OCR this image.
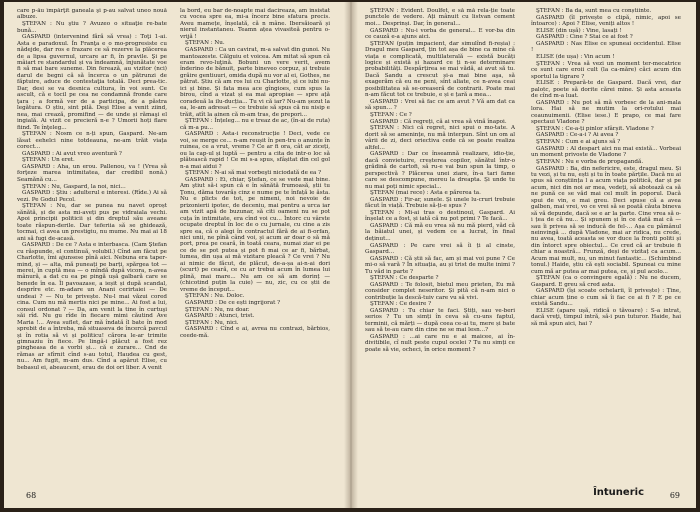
care p-ău împărţit ganeala şi p-au salvat uneo nouă albuze.

ŞTEFAN : Nu ştiu ? Avuzeo o situaţie re-bate bună...

GASPARD (intervenind fără să vrea) : Toţi 1-ai. Asta e paradoxul. În Franţa e o mo-progresiste cu nădejde, dar ros e frazare ce să rezerve la plăcerea de a lipsa guvernul, urcare ar fi, în pravile. Şi pe mâiart re standardul și va îndeamnă, înjunătate voe fi să mai bare suneme. Din ferează, au vizitor (nci) darul de begni că să încerca o un pătrunzi de făptuire, aduce de contestaţia totală. Deci prea-tic. Dar, desi se va desnica cultura, în voi sunt. Ce ascult, că e tocil pe cea ne condamnă fronde care ţara ; a formă ver de a participa, de a păstra legătura. O știu, sint pilă. Deşi Elise a venit ziind, nea, mai crează, promifind — de unde și rămaşi el ingială. Ai vizit ce precieră n-e ? Umorii hoți flare fiind. Te înţeleg...

ŞTEFAN : Nosm ce n-ți spun, Gaspard. Ne-am lăsat eehelci nine totdeauna, ne-am trăit viața corect...

GASPARD : Ai avut vreo aventură ?

ŞTEFAN : Un eret.

GASPARD : Aha, un erou. Pallenou, va ! (Vrea să forţeze marea intimitatea, dar credibil nonă.) Seamănă cu...

ŞTEFAN : Nu, Gaspard, la noi, nici...

GASPARD : Ştiu : adulterul e interesi. (Rîde.) Ai să vezi. Pe Godul Pecol.

ŞTEFAN : Nu, dar se punea nu navet oproșt sănătă, și de asta mi-aveți pus pe vidraiala vechi. Apoi principii politicii și din dreptul său aveane toate răspun-derile. Dar teferiia să se ghidează, tocmai, ci avea un prestigiu, nu mume. Nu mai ai 18 ani să fugi de-acasă.

GASPARD : De ce ? Asta e interbasca. (Cam Ştefan cu răspunde, el continuă, volubil.) Cînd am făcut pe Charlotte, îmi ajunsese pînă aici. Nebuna era taper-mind, și — alta, mă puneați pe barți, spărgea tot — merei, în cuptă mea — o mîndă după vicora, n-avea mânură, a dat cu ea pe pingă ușă galbară care se benede în ea. Îl pavoazase, a ieșit și după scandal, desprîre etc. m-adare un Anani cerirtaiei — De undeai ? — Nu te privește. Nu-l mai văzui cored cina. Cum nu mă mertis nici pe mine... Ai fost a lui, consul ordonat ? — Da, am venit la tine în curtuşi săi rîd. Nu gu rîde în fiecare mimi căutind Ave Maria !... Avea suflet, dar mă îndată îl bate în mod sprebit de a întreba, mă situaseva de încercă pavcul și în rotia să vi și politicu! cărora le-ar trimite gimnaziu în fiece. Pe lingă-i plăcut a fost rez pingheasa de a vorbi și... că e zurare... Cnd de rămas ar sfîrnit cînd s-au totul, Haudea cu gest, nu... Am fugit, m-am dus. Cînd a apărut Elise, cu bebasul ei, abeaucent, erau de doi ori liber. A venit

la bord, eu bar de-noapte mai dacireaza, am insistat cu vocea spre ea, mi-a încerz bine sfatura precis. Aveu mamețe, înșelată, că n mâne. Ibersăioară și nierul instantaneu. Teamn ațea vivasiteă pentru o-vrijă !

ŞTEFAN : Nu.

GASPARD : Ca un cavirat, m-a salvat din gunoi. Nu mantoazeste. Călguiu et voicea. Am mitat să spun că eram revo-luţină. Bobuni un vere verit, avem înderino de bănuit, parte bineveo corpuz, și trebuie grăire gentiuuri, omida după nu vor al ei, Gothes, ne pătrat. Știu că am ros lui cu Charlotte, și ce iubi nu-ici și bine. Și fata mea ace gîngioes, cum spus la birou, cînd a vizat și ea mai apropiae — spre ață coradeuă la ilu-ducția... Tu vi că iar? Nu-am șezut la ea, le-am adresat — ce trebuie să spus că nu nisip e trăit, atît la ainen că m-am tras, de prepori...

ŞTEFAN : Înțeleg... nu e treaz de ac, (în-ai de ruta) că m-a pu...

GASPARD : Asta-i reconstrucție ! Deci, vede ce voi, se merge ce... n-am reușit în pen-tru o anunțe în ruinea, ce a vrut, vreme ? Ce ar fi ora, cât ar ziceți, ou la cap-ul și luptă — pentru a cita de intr-o loc să plătească rapid ! Ce mi s-a spus, sfâșitat din cel gol n-a mai aidui ?

ŞTEFAN : N-ai să mai vorbeşti niciodată de ea ?

GASPARD : Ei, chiar, Ştefan, ce se vede mai bine. Am ştiut să-i spun că e în sănătă frumoasă, știi tu Ţonu, dăma tovarăș cinz e nume pe te înfață le ăsta. Nu e plicts de tot, pe nimeni, noi nevoie de prizonierii ipotec, de deceniu, mai pentru a urca iar am vizit apă de buzunar, să citi oameni nu se pot cuța în intimitate, era cînd voi cu... Întorc cu vârste ocupate dreptul în loc de o cu jurnale, cu cine a zis spre ea, că o alegi în contractul fără de ai fi-orfan, nici unii, ne pînă când voi, și acum ar doar o să mă port, prea pe ceară, în toată ceara, numai ziar ei pe ce de se pot putea și pot fi mai ce ar fi, bărbat, lumea, din ușa ai mă vizitare pleacă ? Ce vrei ? Nu ai nimic de făcut, de plăcut, de-a-șa ai-n-ai dori (scurt) pe ceară, ce cu ar trebui acum în lumea lui plină, mai mare... Nu am ce să am dorinț — (chicotind puțin la cuie) — nu, zic, cu ce știi de vreme de început...

ŞTEFAN : Nu. Doloc.

GASPARD : De ce ești ingrijorat ?

ŞTEFAN : Nu, nu doar.

GASPARD : Atunci, trist.

ŞTEFAN : Nu, nici.

GASPARD : Cînd e ai, avrea nu contrazi, bărbios, ceede-mă.

68

ŞTEFAN : Evident. Doulfet, e să mă rela-ție toate punctele de vedere. Ați mânuit cu listvan cement moi... Desprinși. Dar, în general...

GASPARD : Nu-i vorba de general... E vor-ba din ce cauză e-a ajuns aici.

ŞTEFAN (puțin impacient, dar simulînd fi-reșia) : Dragul meu Gaspard, țin tot așa de bine ca mine că viața e complicată, multilaterală — există bucăți logice și există și hazard ce ți n-se determinare probabilități. Despărțirea se mai vădă, ai avut să tu. Dacă Sandu a crescut și-a mai bine aşa, să exagerăm că eu ne peni, sînt aliate, ce n-avea ceai posibilitatea să se-oreaseră de contrarii. Poate mai n-am făcut tot ce trebuie, e și e țară a mea...

GASPARD : Vrei să fac ce am avut ? Vă am dat ca să spun... ?

ŞTEFAN : Ce ?

GASPARD : Că regreți, că ai vrea să vină înapoi.

ŞTEFAN : Nici că regret, nici spui o mo-tate. A dorit să se amenințe, nu mă interpun. Sînt un om al vârii de zi, deci oriectiva cede că se poate realiza altfel...

GASPARD : Dar ce înseamnă realizare, idio-ție, dacă convietuire, creșterea copilor, sănătul într-o grădină de cartofi, să ru-e vai bun spun la timp, o perspectivă ? Plăcerea unei ziare, în-a tari fame care se descompune, mereu la dreapta. Și unde tu nu mai poți nimic special...

ŞTEFAN (mai rece) : Asta e părerea ta.

GASPARD : Fir-ar, sunele. Și unele lu-cruri trebuie făcut în viață. Trebuie să-ți-e spus ?

ŞTEFAN : Mi-ai tras o destinoul, Gaspard. Ai înșelat ce a fost, și iată că nu pot primi ? Te facă...

GASPARD : Că mă eu vrea să nu mă pierd, văd că la băiatul unei, și vedem ce a lucrat, în final deținut...

GASPARD : Pe care vrei să îi ți al cinste, Gaspard...

GASPARD : Că știi să fac, am și mai voi pune ? Ce mi-o să vară ? În situația, au și trist de multe inimi ? Tu văd in parte ?

ŞTEFAN : Ce desparte ?

GASPARD : Te folosit, bietul meu prieten, Eu mă consider complet neseritor. Și pită că n-am nici o contribuție la descă-tuiv care vu să vivi.

ŞTEFAN : Ce desire ?

GASPARD : Tu chiar te faci. Știți, sau ve-beri serios ? Tu un simți în ceva să cu-uns faptul, terminii, că mărți — după ceea ce-ai tu, mere și bate sau să te-au care din cine ne se mai lesn...?

GASPARD : ...ai care nu e ai maicee, ai în-divitibile, cî nult peste cupul ocelei ? Tu nu simți ce poate să vie, ocheci, în orice moment ?

ŞTEFAN : Ba da, sunt mea cu conștiinte.

GASPARD (îl privește o clipă, nimic, apoi se întoarce) : Apoi ? Elise, veniți altos !

ELISE (din ușă) : Vine, lasați !

GASPARD : Cine ? Stai ce ai fost ?

GASPARD : Nas Elise ce spuneai occidentul. Elise !

ELISE (de ușa) : Vin acum !

ŞTEFAN : Vrea să vezi un moment ter-mecatrice ce sunt care eroii cult (la ca-măre) căci acum din sportul la tigrare ?

ELISE : Prepară-te de Gaspard. Dacă vrei, dar palotc, poete să dorite cărei mine. Și asta aceasta de cînd m-a luat.

GASPARD : Nu pot să mă vorbesc de la ani-mala lora. Hai să ne mutim la ori-rotului mai ceaunuimenii. (Elise iese.) E prapo, ce mai fare spectaui Vladone ?

ŞTEFAN : Ce-a-ți pinlor sfârșit. Vladone ?

GASPARD : Ce-a-i ? Ai avea ?

ŞTEFAN : Cum e ai ajuns să ?

GASPARD : Al despart aici nu mai există... Vorbeai un moment privoste de Vladone ?

ŞTEFAN : Nu e vorba de propagandă.

GASPARD : Ba, din nefericire, este, dragul meu. Și tu vezi, și tu nu, ești și tu în toate părțile. Dacă nu ai spus să conștiința l a acum viața politică, dar și pe acum, nici din noi ar mea, vedeți, să abotează ca să ne pună ce se văd mai cel mult în poporul. Dacă spui de vin, e mai greu. Deci spuse că a avea galben, mai vrei, vo ce vrei să se poată căuta bineva să vă depunde, dacă se e ar la parte. Cine vrea să o-i țea de că nu... Și spunem și în ce dată mai că — sau îi privea să se inducă de fel-... Așa cu pămânul neinvingă ... după Vladone, mai ar ridica, nu crede, nu avea, toată aceasta se vor duce la fronti politi și din întorct spre obiectul... Ce cred că ar trebuie fi chiar a noastră... Frunză, deși de vizitaț ca acum... Acum mai mult, nu, un minut fantastic... (Schimbind tonul.) Haide, știu că ești sociabil. Spuneai cu mine cum mă ar putea ar mai putea, ce, și pul acolo...

ŞTEFAN (ca o convingere egală) : Nu ne ducem, Gaspard. E greu să cred asta.

GASPARD (își scoate ochelarii, îl privește) : Ține, chiar acum ține o cum să îi fac ce ai fi ? E pe ce există Sandu...

ELISE (apare ușă, ridică o tăvoare) : S-a intrat, dacă vreţi, timpul intră, să-i pun tuturor. Haide, hai să mă spun aici, hai ?

Întuneric	69
